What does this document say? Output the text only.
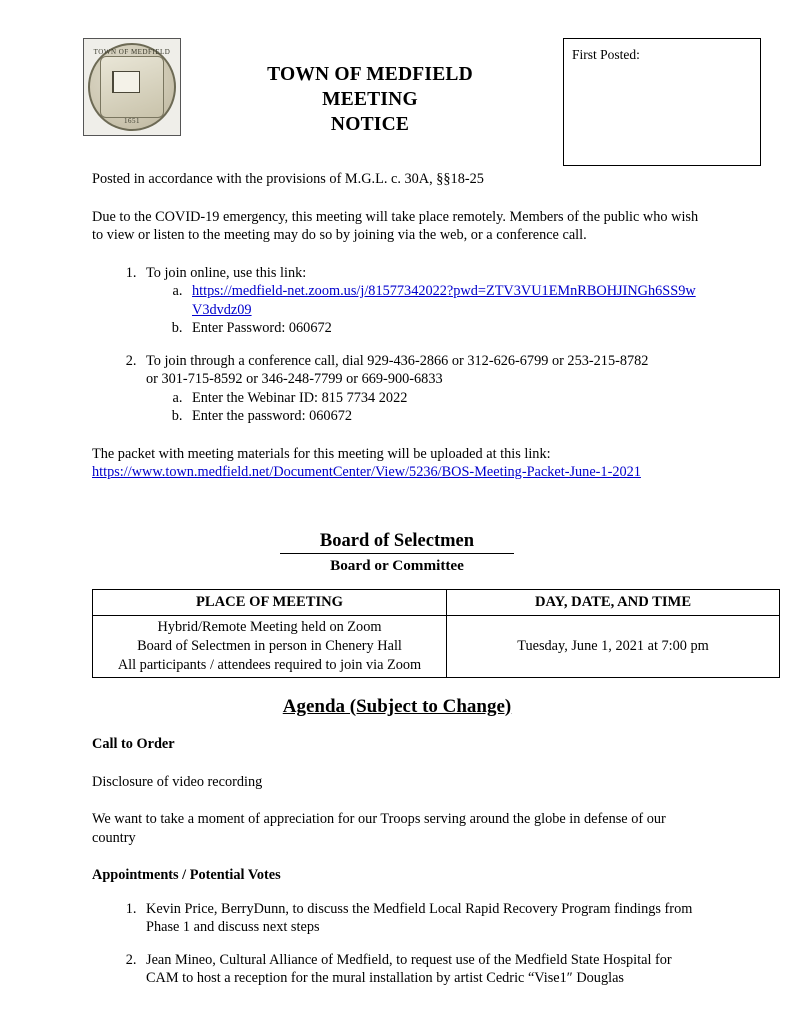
TOWN OF MEDFIELD
1651
TOWN OF MEDFIELD
MEETING
NOTICE
First Posted:

Posted in accordance with the provisions of M.G.L. c. 30A, §§18-25

Due to the COVID-19 emergency, this meeting will take place remotely. Members of the public who wish to view or listen to the meeting may do so by joining via the web, or a conference call.

1. To join online, use this link:
a. https://medfield-net.zoom.us/j/81577342022?pwd=ZTV3VU1EMnRBOHJINGh6SS9wV3dvdz09
b. Enter Password: 060672
2. To join through a conference call, dial 929-436-2866 or 312-626-6799 or 253-215-8782
or 301-715-8592 or 346-248-7799 or 669-900-6833
a. Enter the Webinar ID: 815 7734 2022
b. Enter the password: 060672

The packet with meeting materials for this meeting will be uploaded at this link:

https://www.town.medfield.net/DocumentCenter/View/5236/BOS-Meeting-Packet-June-1-2021
Board of Selectmen
Board or Committee
PLACE OF MEETING	DAY, DATE, AND TIME

Hybrid/Remote Meeting held on Zoom
Board of Selectmen in person in Chenery Hall
All participants / attendees required to join via Zoom	Tuesday, June 1, 2021 at 7:00 pm
Agenda (Subject to Change)

Call to Order

Disclosure of video recording

We want to take a moment of appreciation for our Troops serving around the globe in defense of our country

Appointments / Potential Votes

1. Kevin Price, BerryDunn, to discuss the Medfield Local Rapid Recovery Program findings from Phase 1 and discuss next steps
2. Jean Mineo, Cultural Alliance of Medfield, to request use of the Medfield State Hospital for CAM to host a reception for the mural installation by artist Cedric “Vise1″ Douglas
